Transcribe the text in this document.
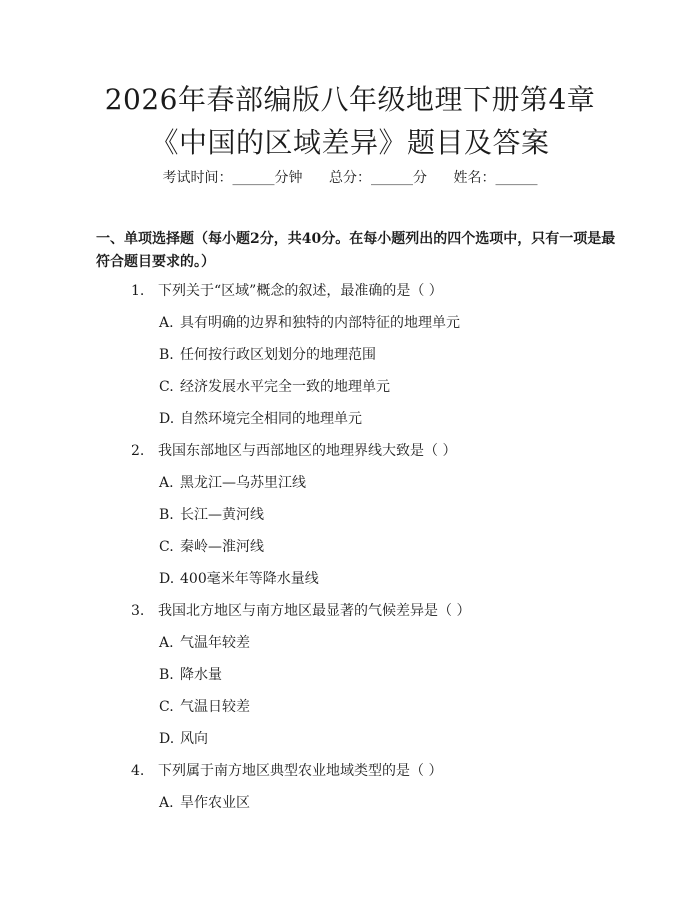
2026年春部编版八年级地理下册第4章《中国的区域差异》题目及答案
考试时间：______分钟 总分：______分 姓名：______

一、单项选择题（每小题2分，共40分。在每小题列出的四个选项中，只有一项是最符合题目要求的。）

1. 下列关于“区域”概念的叙述，最准确的是（ ）
A. 具有明确的边界和独特的内部特征的地理单元
B. 任何按行政区划划分的地理范围
C. 经济发展水平完全一致的地理单元
D. 自然环境完全相同的地理单元
2. 我国东部地区与西部地区的地理界线大致是（ ）
A. 黑龙江—乌苏里江线
B. 长江—黄河线
C. 秦岭—淮河线
D. 400毫米年等降水量线
3. 我国北方地区与南方地区最显著的气候差异是（ ）
A. 气温年较差
B. 降水量
C. 气温日较差
D. 风向
4. 下列属于南方地区典型农业地域类型的是（ ）
A. 旱作农业区
